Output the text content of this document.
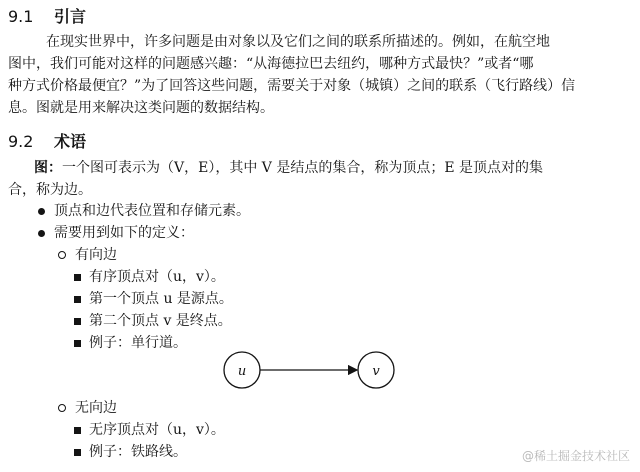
9.1	引言
在现实世界中，许多问题是由对象以及它们之间的联系所描述的。例如，在航空地
图中，我们可能对这样的问题感兴趣：“从海德拉巴去纽约，哪种方式最快？”或者“哪
种方式价格最便宜？”为了回答这些问题，需要关于对象（城镇）之间的联系（飞行路线）信
息。图就是用来解决这类问题的数据结构。
9.2	术语
图：一个图可表示为（V，E），其中 V 是结点的集合，称为顶点；E 是顶点对的集
合，称为边。
顶点和边代表位置和存储元素。
需要用到如下的定义：
有向边
有序顶点对（u，v）。
第一个顶点 u 是源点。
第二个顶点 v 是终点。
例子：单行道。
u	v
无向边
无序顶点对（u，v）。
例子：铁路线。	@稀土掘金技术社区
